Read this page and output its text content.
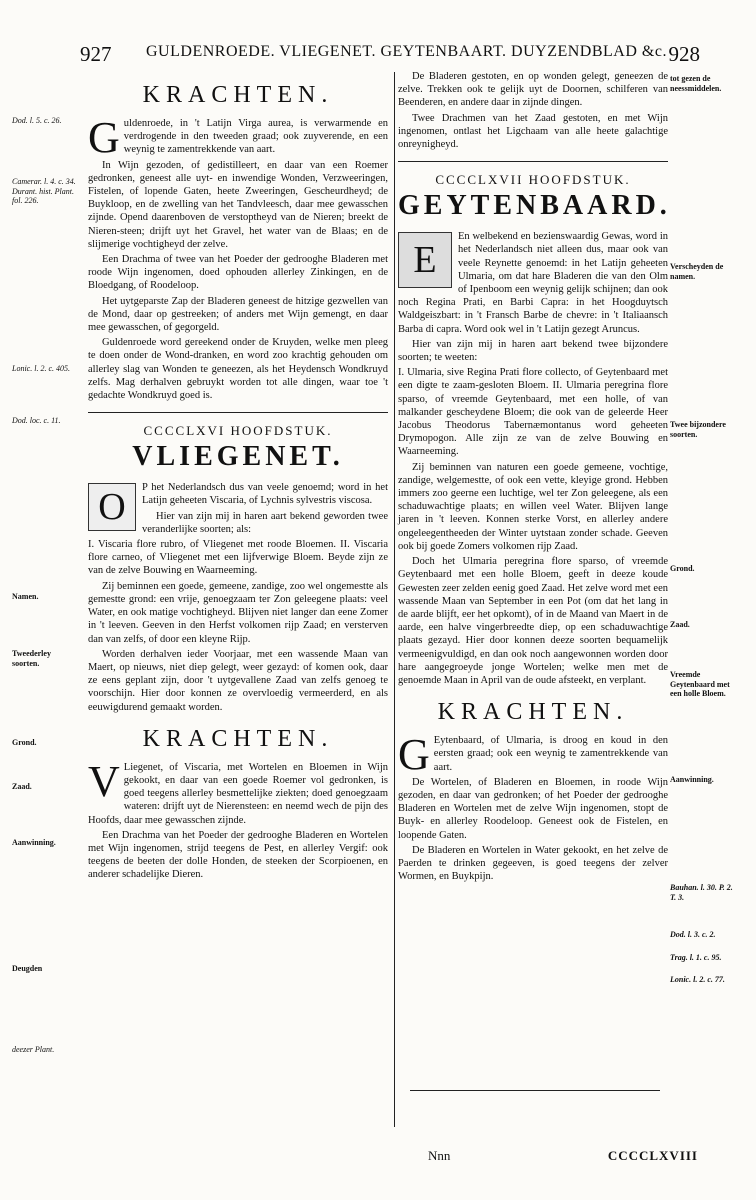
927 GULDENROEDE. VLIEGENET. GEYTENBAART. DUYZENDBLAD &c. 928
Dod. l. 5. c. 26.
Camerar. l. 4. c. 34. Durant. hist. Plant. fol. 226.
Lonic. l. 2. c. 405.
Dod. loc. c. 11.
Namen.
Tweederley soorten.
Grond.
Zaad.
Aanwinning.
Deugden
deezer Plant.
KRACHTEN.

Guldenroede, in 't Latijn Virga aurea, is verwarmende en verdrogende in den tweeden graad; ook zuyverende, en een weynig te zamentrekkende van aart.

In Wijn gezoden, of gedistilleert, en daar van een Roemer gedronken, geneest alle uyt- en inwendige Wonden, Verzweeringen, Fistelen, of lopende Gaten, heete Zweeringen, Gescheurdheyd; de Buykloop, en de zwelling van het Tandvleesch, daar mee gewasschen zijnde. Opend daarenboven de verstoptheyd van de Nieren; breekt de Nieren-steen; drijft uyt het Gravel, het water van de Blaas; en de slijmerige vochtigheyd der zelve.

Een Drachma of twee van het Poeder der gedrooghe Bladeren met roode Wijn ingenomen, doed ophouden allerley Zinkingen, en de Bloedgang, of Roodeloop.

Het uytgeparste Zap der Bladeren geneest de hitzige gezwellen van de Mond, daar op gestreeken; of anders met Wijn gemengt, en daar mee gewasschen, of gegorgeld.

Guldenroede word gereekend onder de Kruyden, welke men pleeg te doen onder de Wond-dranken, en word zoo krachtig gehouden om allerley slag van Wonden te geneezen, als het Heydensch Wondkruyd zelfs. Mag derhalven gebruykt worden tot alle dingen, waar toe 't gedachte Wondkruyd goed is.

CCCCLXVI HOOFDSTUK.
VLIEGENET.

O	P het Nederlandsch dus van veele genoemd; word in het Latijn geheeten Viscaria, of Lychnis sylvestris viscosa.

Hier van zijn mij in haren aart bekend geworden twee veranderlijke soorten; als:

I. Viscaria flore rubro, of Vliegenet met roode Bloemen. II. Viscaria flore carneo, of Vliegenet met een lijfverwige Bloem. Beyde zijn ze van de zelve Bouwing en Waarneeming.

Zij beminnen een goede, gemeene, zandige, zoo wel ongemestte als gemestte grond: een vrije, genoegzaam ter Zon geleegene plaats: veel Water, en ook matige vochtigheyd. Blijven niet langer dan eene Zomer in 't leeven. Geeven in den Herfst volkomen rijp Zaad; en versterven dan van zelfs, of door een kleyne Rijp.

Worden derhalven ieder Voorjaar, met een wassende Maan van Maert, op nieuws, niet diep gelegt, weer gezayd: of komen ook, daar ze eens geplant zijn, door 't uytgevallene Zaad van zelfs genoeg te voorschijn. Hier door konnen ze overvloedig vermeerderd, en als eeuwigdurend gemaakt worden.

KRACHTEN.

V Liegenet, of Viscaria, met Wortelen en Bloemen in Wijn gekookt, en daar van een goede Roemer vol gedronken, is goed teegens allerley besmettelijke ziekten; doed genoegzaam wateren: drijft uyt de Nierensteen: en neemd wech de pijn des Hoofds, daar mee gewasschen zijnde.

Een Drachma van het Poeder der gedrooghe Bladeren en Wortelen met Wijn ingenomen, strijd teegens de Pest, en allerley Vergif: ook teegens de beeten der dolle Honden, de steeken der Scorpioenen, en anderer schadelijke Dieren.

De Bladeren gestoten, en op wonden gelegt, geneezen de zelve. Trekken ook te gelijk uyt de Doornen, schilferen van Beenderen, en andere daar in zijnde dingen.

Twee Drachmen van het Zaad gestoten, en met Wijn ingenomen, ontlast het Ligchaam van alle heete galachtige onreynigheyd.

CCCCLXVII HOOFDSTUK.
GEYTENBAARD.

E
En welbekend en bezienswaardig Gewas, word in het Nederlandsch niet alleen dus, maar ook van veele Reynette genoemd: in het Latijn geheeten Ulmaria, om dat hare Bladeren die van den Olm of Ipenboom een weynig gelijk schijnen; dan ook noch Regina Prati, en Barbi Capra: in het Hoogduytsch Waldgeiszbart: in 't Fransch Barbe de chevre: in 't Italiaansch Barba di capra. Word ook wel in 't Latijn gezegt Aruncus.

Hier van zijn mij in haren aart bekend twee bijzondere soorten; te weeten:

I. Ulmaria, sive Regina Prati flore collecto, of Geytenbaard met een digte te zaam-gesloten Bloem. II. Ulmaria peregrina flore sparso, of vreemde Geytenbaard, met een holle, of van malkander gescheydene Bloem; die ook van de geleerde Heer Jacobus Theodorus Tabernæmontanus word geheeten Drymopogon. Alle zijn ze van de zelve Bouwing en Waarneeming.

Zij beminnen van naturen een goede gemeene, vochtige, zandige, welgemestte, of ook een vette, kleyige grond. Hebben immers zoo geerne een luchtige, wel ter Zon geleegene, als een schaduwachtige plaats; en willen veel Water. Blijven lange jaren in 't leeven. Konnen sterke Vorst, en allerley andere ongeleegentheeden der Winter uytstaan zonder schade. Geeven ook bij goede Zomers volkomen rijp Zaad.

Doch het Ulmaria peregrina flore sparso, of vreemde Geytenbaard met een holle Bloem, geeft in deeze koude Gewesten zeer zelden eenig goed Zaad. Het zelve word met een wassende Maan van September in een Pot (om dat het lang in de aarde blijft, eer het opkomt), of in de Maand van Maert in de aarde, een halve vingerbreedte diep, op een schaduwachtige plaats gezayd. Hier door konnen deeze soorten bequamelijk vermeenigvuldigd, en dan ook noch aangewonnen worden door hare aangegroeyde jonge Wortelen; welke men met de genoemde Maan in April van de oude afsteekt, en verplant.

KRACHTEN.

G Eytenbaard, of Ulmaria, is droog en koud in den eersten graad; ook een weynig te zamentrekkende van aart.

De Wortelen, of Bladeren en Bloemen, in roode Wijn gezoden, en daar van gedronken; of het Poeder der gedrooghe Bladeren en Wortelen met de zelve Wijn ingenomen, stopt de Buyk- en allerley Roodeloop. Geneest ook de Fistelen, en loopende Gaten.

De Bladeren en Wortelen in Water gekookt, en het zelve de Paerden te drinken gegeeven, is goed teegens der zelver Wormen, en Buykpijn.

tot gezen de neessmiddelen.
Verscheyden de namen.
Twee bijzondere soorten.
Grond.
Zaad.
Vreemde Geytenbaard met een holle Bloem.
Aanwinning.
Bauhan. l. 30. P. 2. T. 3.
Dod. l. 3. c. 2.
Trag. l. 1. c. 95.
Lonic. l. 2. c. 77.
Nnn	CCCCLXVIII
